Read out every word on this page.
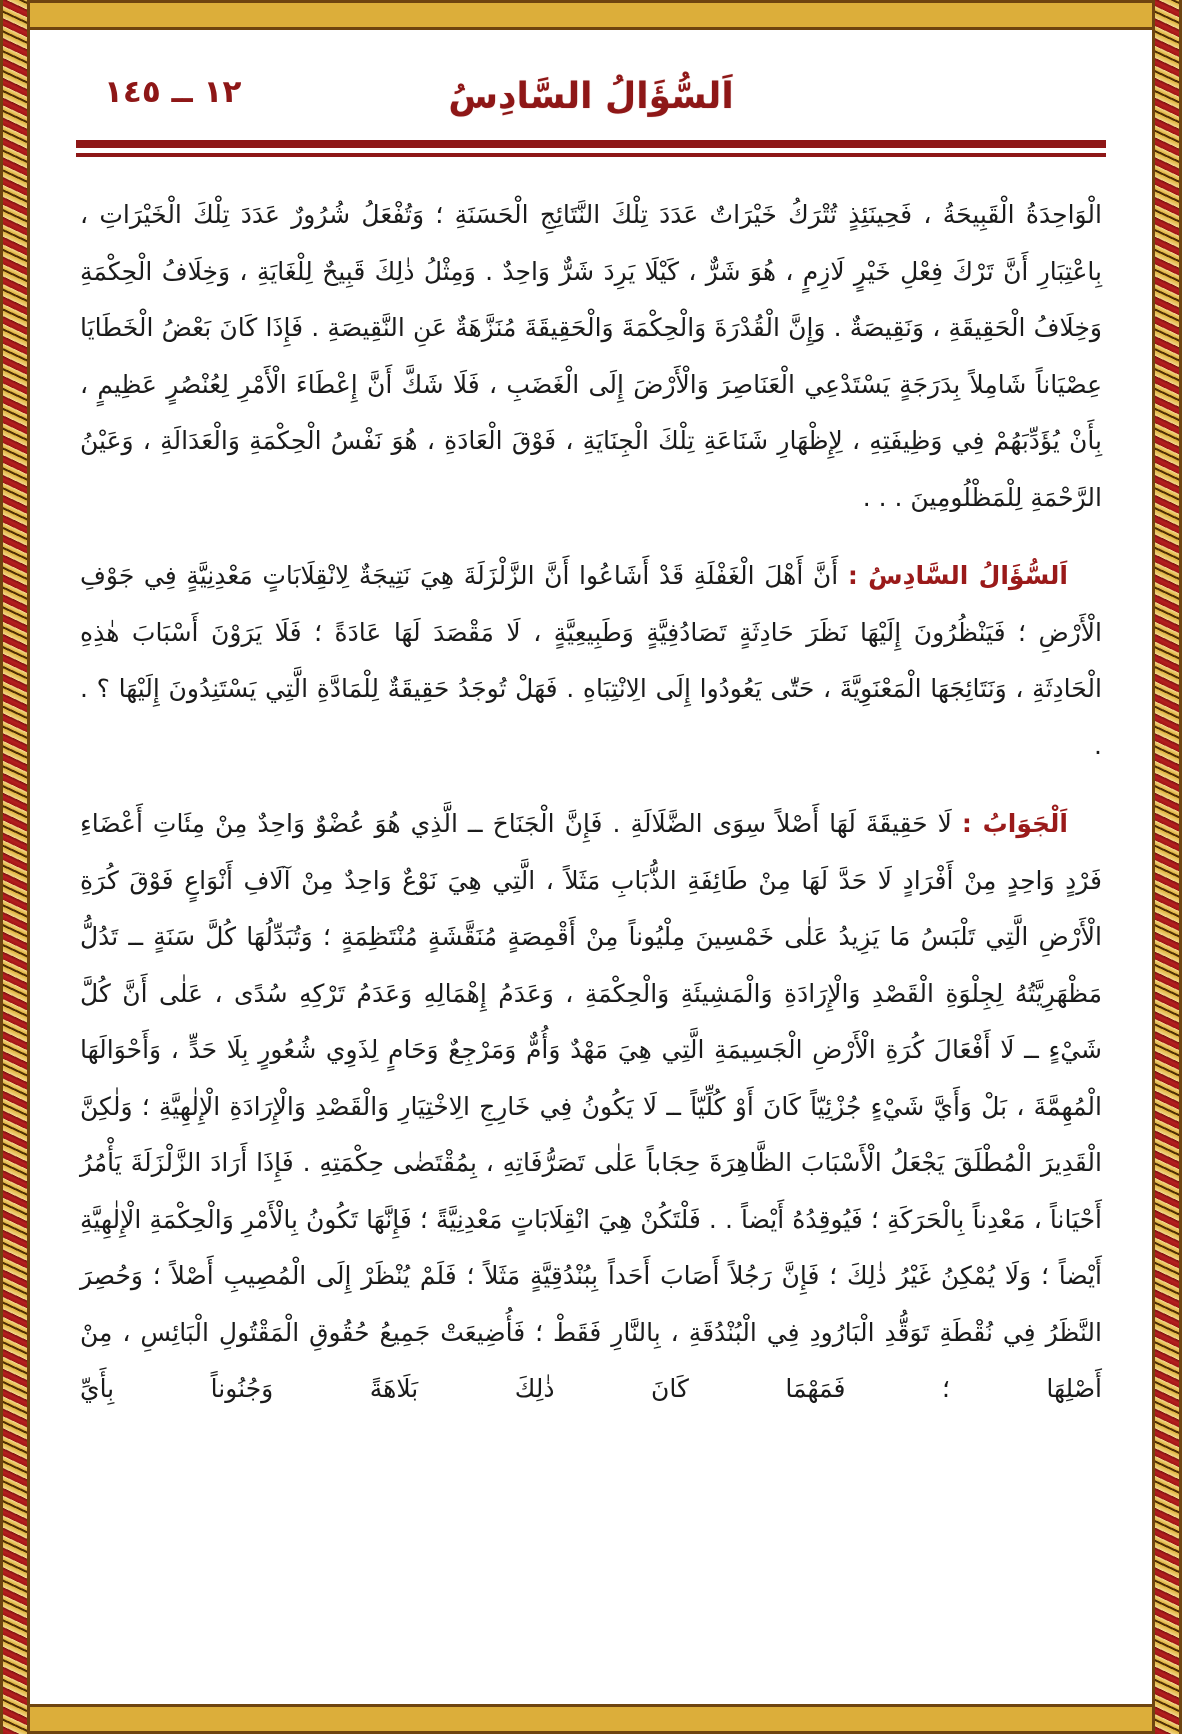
١٢ ــ ١٤٥	اَلسُّؤَالُ السَّادِسُ

الْوَاحِدَةُ الْقَبِيحَةُ ، فَحِينَئِذٍ تُتْرَكُ خَيْرَاتٌ عَدَدَ تِلْكَ النَّتَائِجِ الْحَسَنَةِ ؛ وَتُفْعَلُ شُرُورٌ عَدَدَ تِلْكَ الْخَيْرَاتِ ، بِاعْتِبَارِ أَنَّ تَرْكَ فِعْلِ خَيْرٍ لَازِمٍ ، هُوَ شَرٌّ ، كَيْلَا يَرِدَ شَرٌّ وَاحِدٌ . وَمِثْلُ ذٰلِكَ قَبِيحٌ لِلْغَايَةِ ، وَخِلَافُ الْحِكْمَةِ وَخِلَافُ الْحَقِيقَةِ ، وَنَقِيصَةٌ . وَإِنَّ الْقُدْرَةَ وَالْحِكْمَةَ وَالْحَقِيقَةَ مُنَزَّهَةٌ عَنِ النَّقِيصَةِ . فَإِذَا كَانَ بَعْضُ الْخَطَايَا عِصْيَاناً شَامِلاً بِدَرَجَةٍ يَسْتَدْعِي الْعَنَاصِرَ وَالْأَرْضَ إِلَى الْغَضَبِ ، فَلَا شَكَّ أَنَّ إِعْطَاءَ الْأَمْرِ لِعُنْصُرٍ عَظِيمٍ ، بِأَنْ يُؤَدِّبَهُمْ فِي وَظِيفَتِهِ ، لِإِظْهَارِ شَنَاعَةِ تِلْكَ الْجِنَايَةِ ، فَوْقَ الْعَادَةِ ، هُوَ نَفْسُ الْحِكْمَةِ وَالْعَدَالَةِ ، وَعَيْنُ الرَّحْمَةِ لِلْمَظْلُومِينَ . . .

اَلسُّؤَالُ السَّادِسُ : أَنَّ أَهْلَ الْغَفْلَةِ قَدْ أَشَاعُوا أَنَّ الزَّلْزَلَةَ هِيَ نَتِيجَةٌ لِانْقِلَابَاتٍ مَعْدِنِيَّةٍ فِي جَوْفِ الْأَرْضِ ؛ فَيَنْظُرُونَ إِلَيْهَا نَظَرَ حَادِثَةٍ تَصَادُفِيَّةٍ وَطَبِيعِيَّةٍ ، لَا مَقْصَدَ لَهَا عَادَةً ؛ فَلَا يَرَوْنَ أَسْبَابَ هٰذِهِ الْحَادِثَةِ ، وَنَتَائِجَهَا الْمَعْنَوِيَّةَ ، حَتّٰى يَعُودُوا إِلَى الِانْتِبَاهِ . فَهَلْ تُوجَدُ حَقِيقَةٌ لِلْمَادَّةِ الَّتِي يَسْتَنِدُونَ إِلَيْهَا ؟ . .

اَلْجَوَابُ : لَا حَقِيقَةَ لَهَا أَصْلاً سِوَى الضَّلَالَةِ . فَإِنَّ الْجَنَاحَ ــ الَّذِي هُوَ عُضْوٌ وَاحِدٌ مِنْ مِئَاتِ أَعْضَاءِ فَرْدٍ وَاحِدٍ مِنْ أَفْرَادٍ لَا حَدَّ لَهَا مِنْ طَائِفَةِ الذُّبَابِ مَثَلاً ، الَّتِي هِيَ نَوْعٌ وَاحِدٌ مِنْ آلَافِ أَنْوَاعٍ فَوْقَ كُرَةِ الْأَرْضِ الَّتِي تَلْبَسُ مَا يَزِيدُ عَلٰى خَمْسِينَ مِلْيُوناً مِنْ أَقْمِصَةٍ مُنَقَّشَةٍ مُنْتَظِمَةٍ ؛ وَتُبَدِّلُهَا كُلَّ سَنَةٍ ــ تَدُلُّ مَظْهَرِيَّتُهُ لِجِلْوَةِ الْقَصْدِ وَالْإِرَادَةِ وَالْمَشِيئَةِ وَالْحِكْمَةِ ، وَعَدَمُ إِهْمَالِهِ وَعَدَمُ تَرْكِهِ سُدًى ، عَلٰى أَنَّ كُلَّ شَيْءٍ ــ لَا أَفْعَالَ كُرَةِ الْأَرْضِ الْجَسِيمَةِ الَّتِي هِيَ مَهْدٌ وَأُمٌّ وَمَرْجِعٌ وَحَامٍ لِذَوِي شُعُورٍ بِلَا حَدٍّ ، وَأَحْوَالَهَا الْمُهِمَّةَ ، بَلْ وَأَيَّ شَيْءٍ جُزْئِيّاً كَانَ أَوْ كُلِّيّاً ــ لَا يَكُونُ فِي خَارِجِ الِاخْتِيَارِ وَالْقَصْدِ وَالْإِرَادَةِ الْإِلٰهِيَّةِ ؛ وَلٰكِنَّ الْقَدِيرَ الْمُطْلَقَ يَجْعَلُ الْأَسْبَابَ الظَّاهِرَةَ حِجَاباً عَلٰى تَصَرُّفَاتِهِ ، بِمُقْتَضٰى حِكْمَتِهِ . فَإِذَا أَرَادَ الزَّلْزَلَةَ يَأْمُرُ أَحْيَاناً ، مَعْدِناً بِالْحَرَكَةِ ؛ فَيُوقِدُهُ أَيْضاً . . فَلْتَكُنْ هِيَ انْقِلَابَاتٍ مَعْدِنِيَّةً ؛ فَإِنَّهَا تَكُونُ بِالْأَمْرِ وَالْحِكْمَةِ الْإِلٰهِيَّةِ أَيْضاً ؛ وَلَا يُمْكِنُ غَيْرُ ذٰلِكَ ؛ فَإِنَّ رَجُلاً أَصَابَ أَحَداً بِبُنْدُقِيَّةٍ مَثَلاً ؛ فَلَمْ يُنْظَرْ إِلَى الْمُصِيبِ أَصْلاً ؛ وَحُصِرَ النَّظَرُ فِي نُقْطَةِ تَوَقُّدِ الْبَارُودِ فِي الْبُنْدُقَةِ ، بِالنَّارِ فَقَطْ ؛ فَأُضِيعَتْ جَمِيعُ حُقُوقِ الْمَقْتُولِ الْبَائِسِ ، مِنْ أَصْلِهَا ؛ فَمَهْمَا كَانَ ذٰلِكَ بَلَاهَةً وَجُنُوناً بِأَيِّ
